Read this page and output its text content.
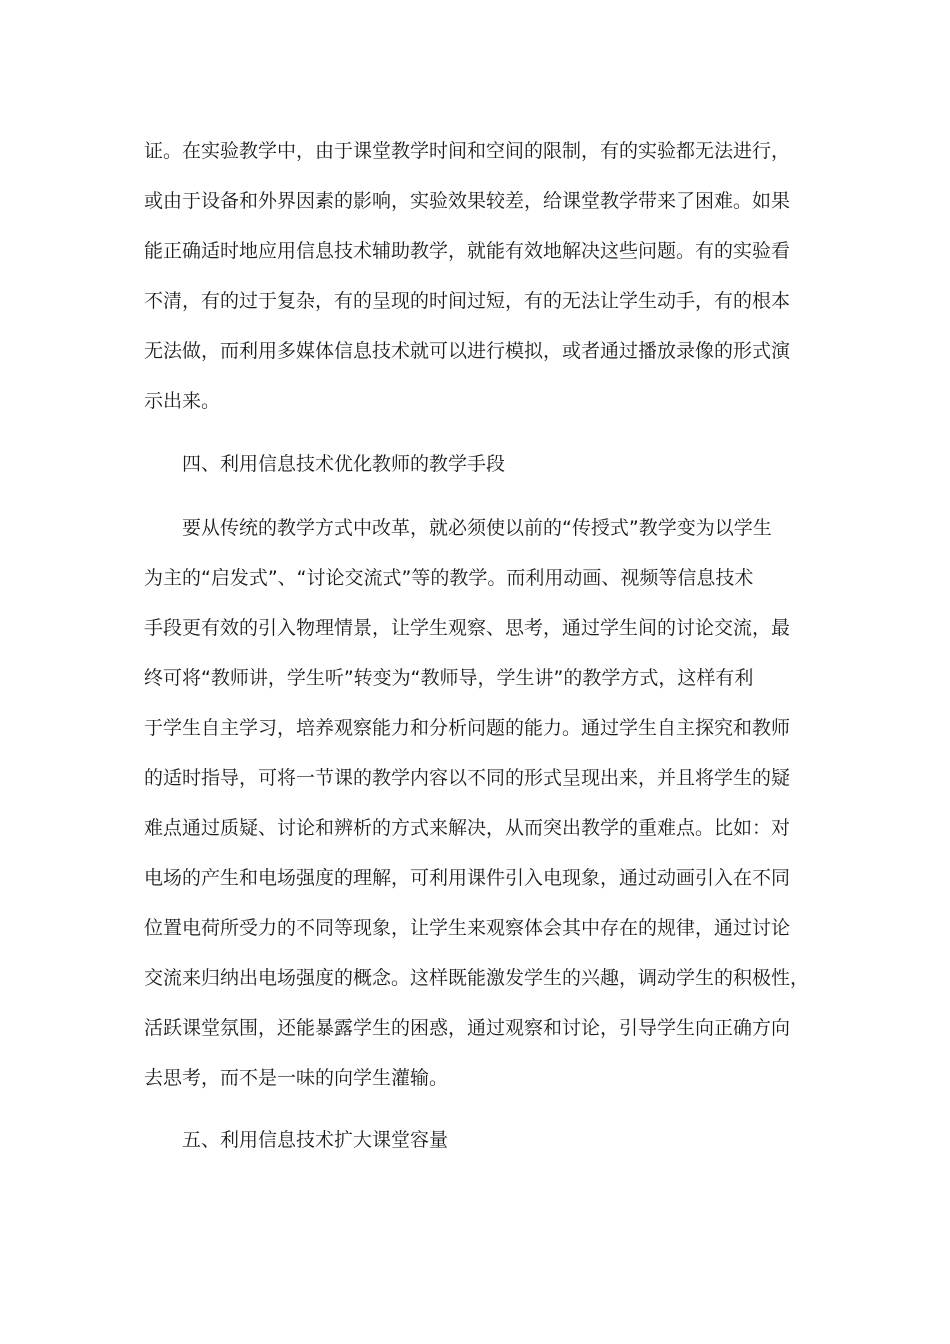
证。在实验教学中，由于课堂教学时间和空间的限制，有的实验都无法进行，
或由于设备和外界因素的影响，实验效果较差，给课堂教学带来了困难。如果
能正确适时地应用信息技术辅助教学，就能有效地解决这些问题。有的实验看
不清，有的过于复杂，有的呈现的时间过短，有的无法让学生动手，有的根本
无法做，而利用多媒体信息技术就可以进行模拟，或者通过播放录像的形式演
示出来。
四、利用信息技术优化教师的教学手段
要从传统的教学方式中改革，就必须使以前的“传授式”教学变为以学生
为主的“启发式”、“讨论交流式”等的教学。而利用动画、视频等信息技术
手段更有效的引入物理情景，让学生观察、思考，通过学生间的讨论交流，最
终可将“教师讲，学生听”转变为“教师导，学生讲”的教学方式，这样有利
于学生自主学习，培养观察能力和分析问题的能力。通过学生自主探究和教师
的适时指导，可将一节课的教学内容以不同的形式呈现出来，并且将学生的疑
难点通过质疑、讨论和辨析的方式来解决，从而突出教学的重难点。比如：对
电场的产生和电场强度的理解，可利用课件引入电现象，通过动画引入在不同
位置电荷所受力的不同等现象，让学生来观察体会其中存在的规律，通过讨论
交流来归纳出电场强度的概念。这样既能激发学生的兴趣，调动学生的积极性，
活跃课堂氛围，还能暴露学生的困惑，通过观察和讨论，引导学生向正确方向
去思考，而不是一味的向学生灌输。
五、利用信息技术扩大课堂容量
